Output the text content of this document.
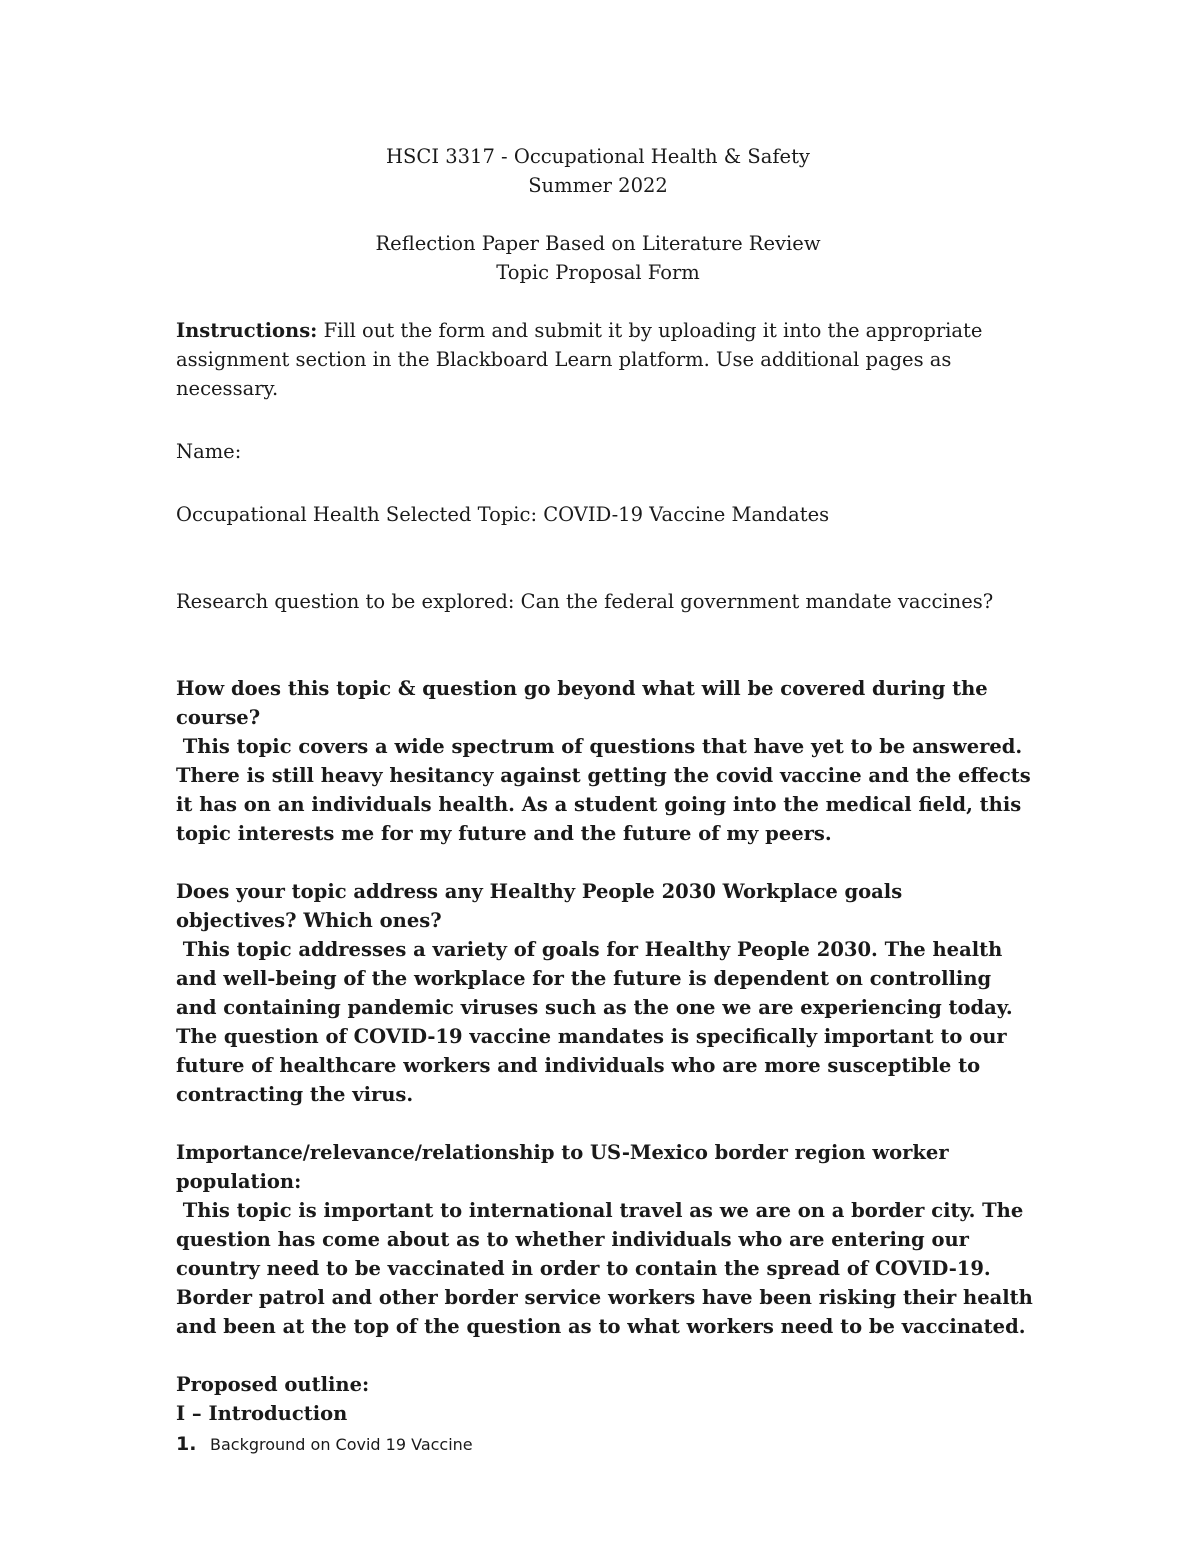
HSCI 3317 - Occupational Health & Safety

Summer 2022

Reflection Paper Based on Literature Review

Topic Proposal Form

Instructions: Fill out the form and submit it by uploading it into the appropriate assignment section in the Blackboard Learn platform. Use additional pages as necessary.

Name:

Occupational Health Selected Topic: COVID-19 Vaccine Mandates

Research question to be explored: Can the federal government mandate vaccines?

How does this topic & question go beyond what will be covered during the course?

This topic covers a wide spectrum of questions that have yet to be answered. There is still heavy hesitancy against getting the covid vaccine and the effects it has on an individuals health. As a student going into the medical field, this topic interests me for my future and the future of my peers.

Does your topic address any Healthy People 2030 Workplace goals objectives? Which ones?

This topic addresses a variety of goals for Healthy People 2030. The health and well-being of the workplace for the future is dependent on controlling and containing pandemic viruses such as the one we are experiencing today. The question of COVID-19 vaccine mandates is specifically important to our future of healthcare workers and individuals who are more susceptible to contracting the virus.

Importance/relevance/relationship to US-Mexico border region worker population:

This topic is important to international travel as we are on a border city. The question has come about as to whether individuals who are entering our country need to be vaccinated in order to contain the spread of COVID-19. Border patrol and other border service workers have been risking their health and been at the top of the question as to what workers need to be vaccinated.

Proposed outline:

I – Introduction

1. Background on Covid 19 Vaccine
